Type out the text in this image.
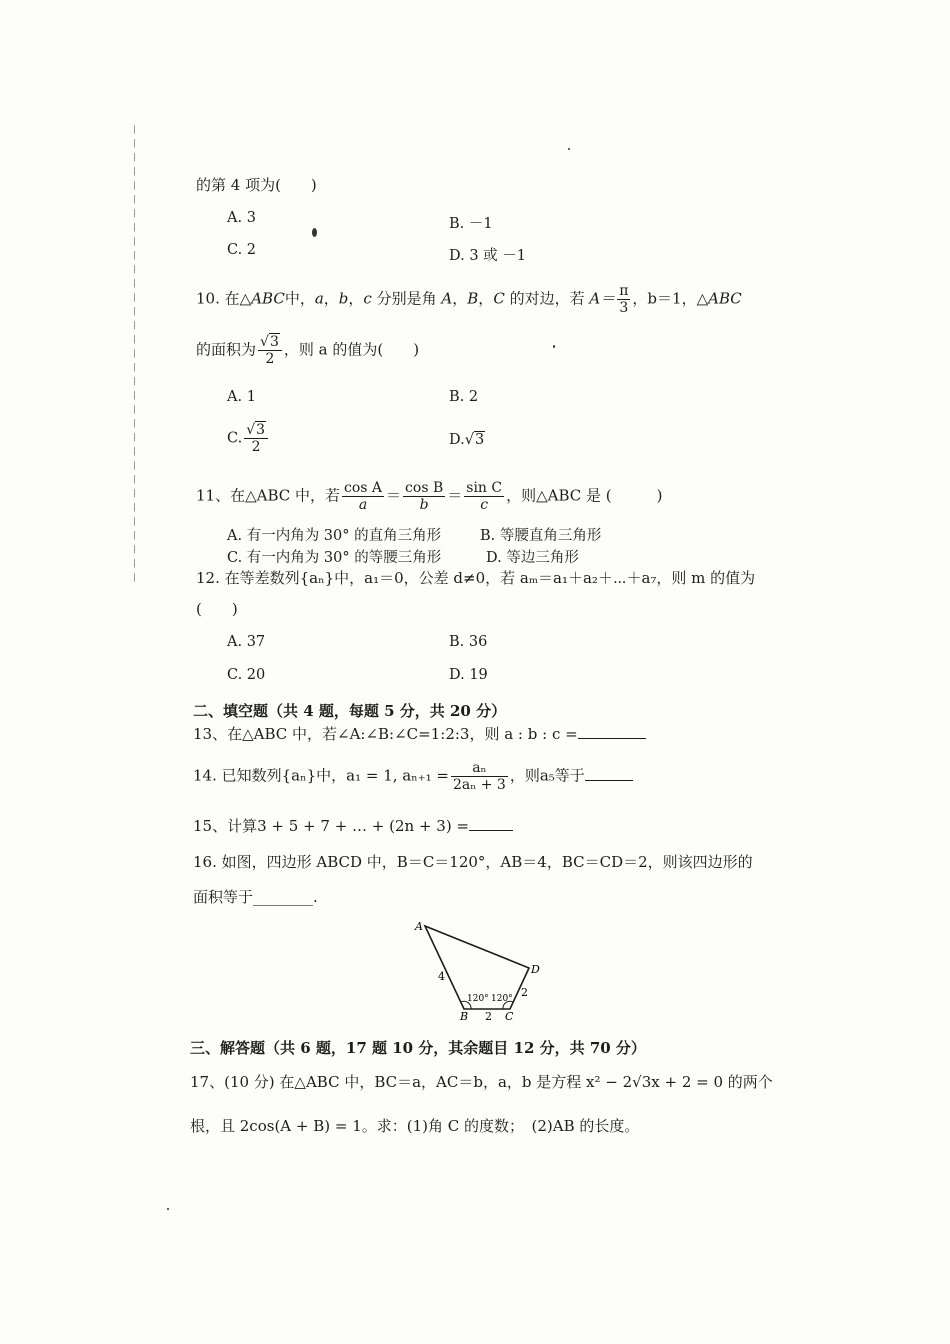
的第 4 项为(　　)
A. 3	B. －1
C. 2	D. 3 或 －1
10. 在△ABC中，a，b，c 分别是角 A，B，C 的对边，若 $A= \frac{\pi}{3}$ ，b＝1，△ABC
的面积为 $\frac{√3}{2}$ ，则 a 的值为(　　)
A. 1	B. 2
C. $\frac{√3}{2}$	D.√3
11、在△ABC 中，若 $\frac{\text{cos A}}{a} = \frac{\text{cos B}}{b} = \frac{\text{sin C}}{c}$ ，则△ABC 是 (　　　)
A. 有一内角为 30° 的直角三角形	B. 等腰直角三角形
C. 有一内角为 30° 的等腰三角形	D. 等边三角形
12. 在等差数列{aₙ}中，a₁＝0，公差 d≠0，若 aₘ＝a₁＋a₂＋⋯＋a₇，则 m 的值为
(　　)
A. 37	B. 36
C. 20	D. 19
二、填空题（共 4 题，每题 5 分，共 20 分）
13、在△ABC 中，若∠A:∠B:∠C=1:2:3，则 a : b : c =
14. 已知数列{aₙ}中，a₁ = 1, $a_{n+1} = \frac{\text{aₙ}}{\text{2aₙ + 3}}$ ，则a₅等于
15、计算3 + 5 + 7 + … + (2n + 3) =
16. 如图，四边形 ABCD 中，B＝C＝120°，AB＝4，BC＝CD＝2，则该四边形的
面积等于________.
A
D
B	C
4
2
2
120° 120°
三、解答题（共 6 题，17 题 10 分，其余题目 12 分，共 70 分）
17、(10 分) 在△ABC 中，BC＝a，AC＝b，a，b 是方程 x² − 2√3x + 2 = 0 的两个
根，且 2cos(A + B) = 1。求：(1)角 C 的度数；　(2)AB 的长度。
